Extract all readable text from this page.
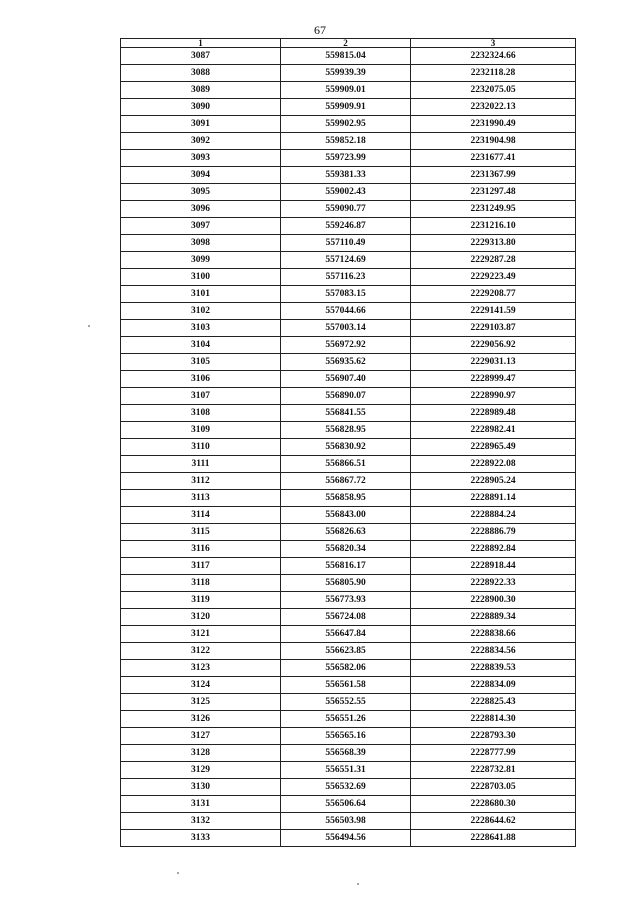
67
1	2	3
3087	559815.04	2232324.66
3088	559939.39	2232118.28
3089	559909.01	2232075.05
3090	559909.91	2232022.13
3091	559902.95	2231990.49
3092	559852.18	2231904.98
3093	559723.99	2231677.41
3094	559381.33	2231367.99
3095	559002.43	2231297.48
3096	559090.77	2231249.95
3097	559246.87	2231216.10
3098	557110.49	2229313.80
3099	557124.69	2229287.28
3100	557116.23	2229223.49
3101	557083.15	2229208.77
3102	557044.66	2229141.59
3103	557003.14	2229103.87
3104	556972.92	2229056.92
3105	556935.62	2229031.13
3106	556907.40	2228999.47
3107	556890.07	2228990.97
3108	556841.55	2228989.48
3109	556828.95	2228982.41
3110	556830.92	2228965.49
3111	556866.51	2228922.08
3112	556867.72	2228905.24
3113	556858.95	2228891.14
3114	556843.00	2228884.24
3115	556826.63	2228886.79
3116	556820.34	2228892.84
3117	556816.17	2228918.44
3118	556805.90	2228922.33
3119	556773.93	2228900.30
3120	556724.08	2228889.34
3121	556647.84	2228838.66
3122	556623.85	2228834.56
3123	556582.06	2228839.53
3124	556561.58	2228834.09
3125	556552.55	2228825.43
3126	556551.26	2228814.30
3127	556565.16	2228793.30
3128	556568.39	2228777.99
3129	556551.31	2228732.81
3130	556532.69	2228703.05
3131	556506.64	2228680.30
3132	556503.98	2228644.62
3133	556494.56	2228641.88
